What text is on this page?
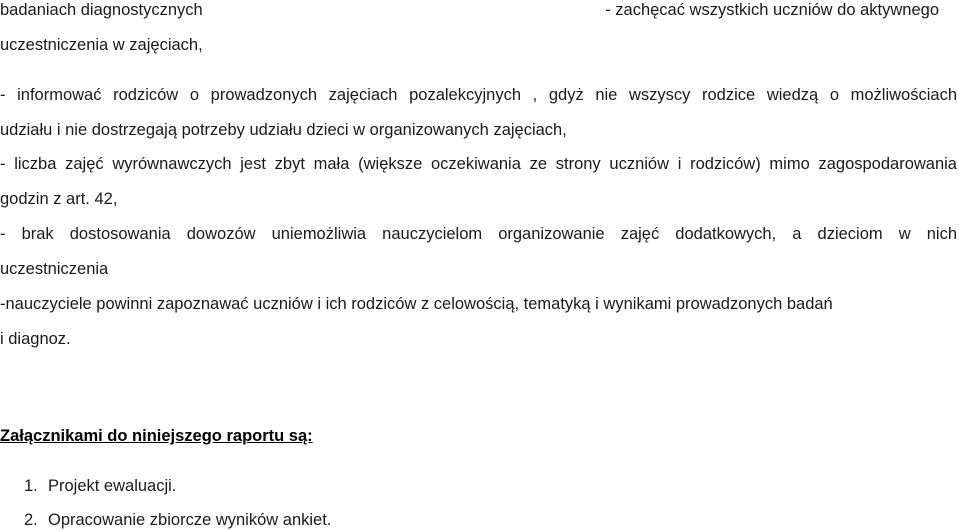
badaniach diagnostycznych	- zachęcać wszystkich uczniów do aktywnego
uczestniczenia w zajęciach,
- informować rodziców o prowadzonych zajęciach pozalekcyjnych , gdyż nie wszyscy rodzice wiedzą o możliwościach
udziału i nie dostrzegają potrzeby udziału dzieci w organizowanych zajęciach,
- liczba zajęć wyrównawczych jest zbyt mała (większe oczekiwania ze strony uczniów i rodziców) mimo zagospodarowania
godzin z art. 42,
- brak dostosowania dowozów uniemożliwia nauczycielom organizowanie zajęć dodatkowych, a dzieciom w nich
uczestniczenia
-nauczyciele powinni zapoznawać uczniów i ich rodziców z celowością, tematyką i wynikami prowadzonych badań
i diagnoz.
Załącznikami do niniejszego raportu są:
1. Projekt ewaluacji.
2. Opracowanie zbiorcze wyników ankiet.
